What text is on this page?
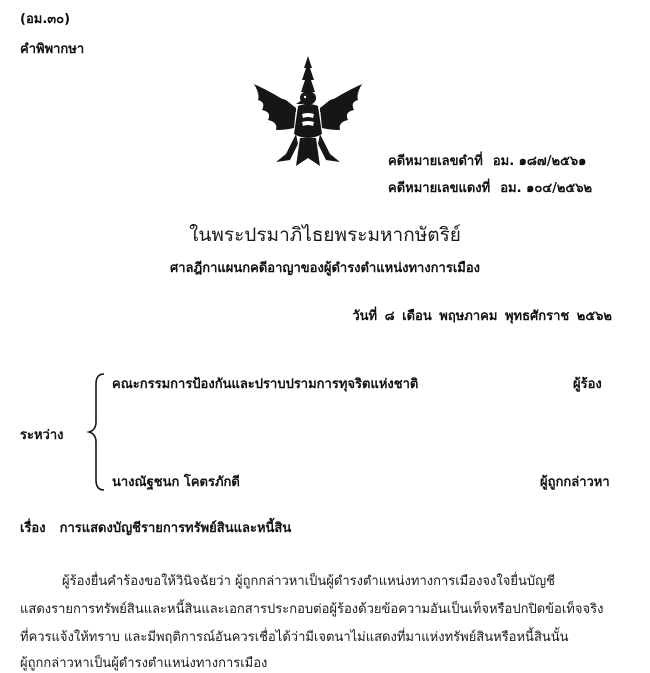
(อม.๓๐)
คำพิพากษา
คดีหมายเลขดำที่ อม. ๑๘๗/๒๕๖๑
คดีหมายเลขแดงที่ อม. ๑๐๔/๒๕๖๒
ในพระปรมาภิไธยพระมหากษัตริย์
ศาลฎีกาแผนกคดีอาญาของผู้ดำรงตำแหน่งทางการเมือง
วันที่ ๘ เดือน พฤษภาคม พุทธศักราช ๒๕๖๒
ระหว่าง
คณะกรรมการป้องกันและปราบปรามการทุจริตแห่งชาติ	ผู้ร้อง
นางณัฐชนก โคตรภักดี	ผู้ถูกกล่าวหา
เรื่อง การแสดงบัญชีรายการทรัพย์สินและหนี้สิน
ผู้ร้องยื่นคำร้องขอให้วินิจฉัยว่า ผู้ถูกกล่าวหาเป็นผู้ดำรงตำแหน่งทางการเมืองจงใจยื่นบัญชี
แสดงรายการทรัพย์สินและหนี้สินและเอกสารประกอบต่อผู้ร้องด้วยข้อความอันเป็นเท็จหรือปกปิดข้อเท็จจริง
ที่ควรแจ้งให้ทราบ และมีพฤติการณ์อันควรเชื่อได้ว่ามีเจตนาไม่แสดงที่มาแห่งทรัพย์สินหรือหนี้สินนั้น
ผู้ถูกกล่าวหาเป็นผู้ดำรงตำแหน่งทางการเมือง
